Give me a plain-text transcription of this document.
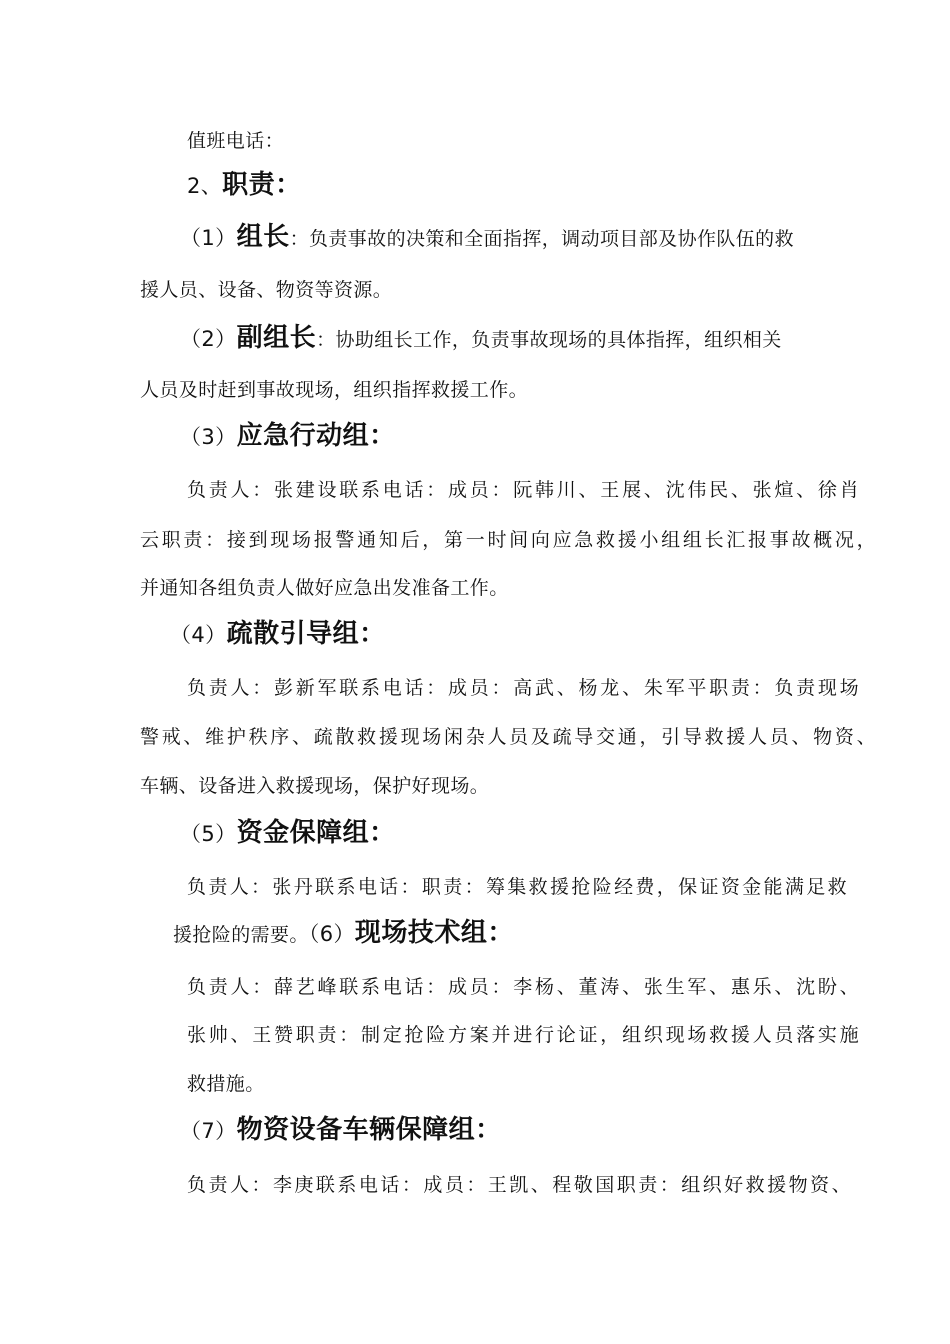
值班电话：
2、职责：
（1）组长：负责事故的决策和全面指挥，调动项目部及协作队伍的救
援人员、设备、物资等资源。
（2）副组长：协助组长工作，负责事故现场的具体指挥，组织相关
人员及时赶到事故现场，组织指挥救援工作。
（3）应急行动组：
负责人：张建设联系电话：成员：阮韩川、王展、沈伟民、张煊、徐肖
云职责：接到现场报警通知后，第一时间向应急救援小组组长汇报事故概况，
并通知各组负责人做好应急出发准备工作。
（4）疏散引导组：
负责人：彭新军联系电话：成员：高武、杨龙、朱军平职责：负责现场
警戒、维护秩序、疏散救援现场闲杂人员及疏导交通，引导救援人员、物资、
车辆、设备进入救援现场，保护好现场。
（5）资金保障组：
负责人：张丹联系电话：职责：筹集救援抢险经费，保证资金能满足救
援抢险的需要。（6）现场技术组：
负责人：薛艺峰联系电话：成员：李杨、董涛、张生军、惠乐、沈盼、
张帅、王赞职责：制定抢险方案并进行论证，组织现场救援人员落实施
救措施。
（7）物资设备车辆保障组：
负责人：李庚联系电话：成员：王凯、程敬国职责：组织好救援物资、
